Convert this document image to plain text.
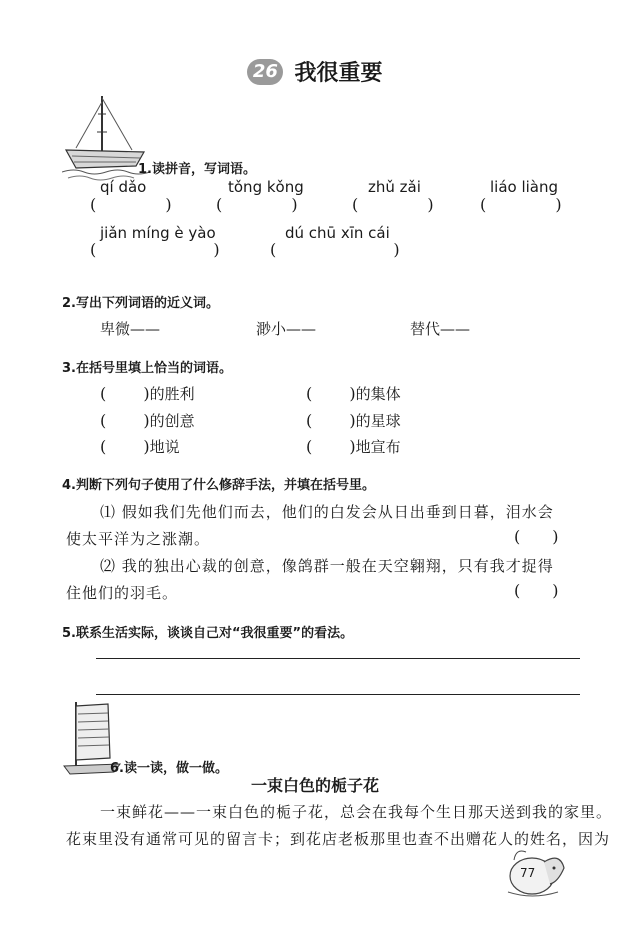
26 我很重要
1.读拼音，写词语。
qí dǎo	tǒng kǒng	zhǔ zǎi	liáo liàng
(     )	(     )	(     )	(     )
jiǎn míng è yào	dú chū xīn cái
(        )	(        )
2.写出下列词语的近义词。
卑微——	渺小——	替代——
3.在括号里填上恰当的词语。
(   )的胜利	(   )的集体
(   )的创意	(   )的星球
(   )地说	(   )地宣布
4.判断下列句子使用了什么修辞手法，并填在括号里。
⑴ 假如我们先他们而去，他们的白发会从日出垂到日暮，泪水会
使太平洋为之涨潮。	(  )
⑵ 我的独出心裁的创意，像鸽群一般在天空翱翔，只有我才捉得
住他们的羽毛。	(  )
5.联系生活实际，谈谈自己对“我很重要”的看法。
6.读一读，做一做。
一束白色的栀子花
一束鲜花——一束白色的栀子花，总会在我每个生日那天送到我的家里。
花束里没有通常可见的留言卡；到花店老板那里也查不出赠花人的姓名，因为
77
